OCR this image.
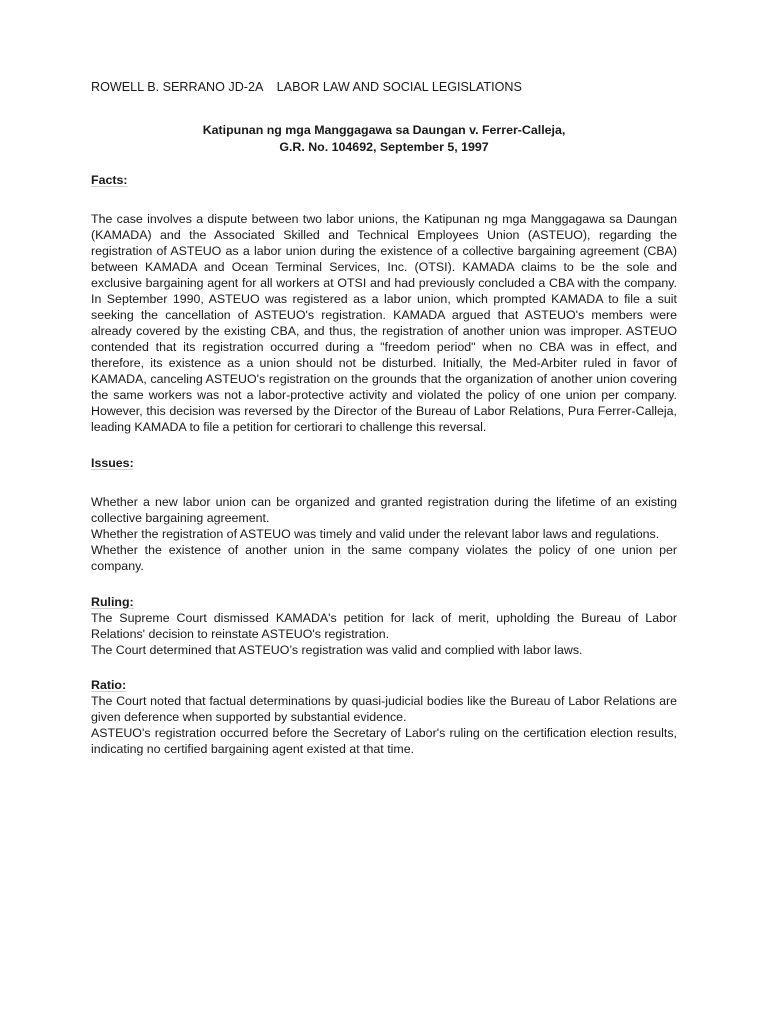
ROWELL B. SERRANO JD-2A    LABOR LAW AND SOCIAL LEGISLATIONS

Katipunan ng mga Manggagawa sa Daungan v. Ferrer-Calleja,
G.R. No. 104692, September 5, 1997

Facts:

The case involves a dispute between two labor unions, the Katipunan ng mga Manggagawa sa Daungan (KAMADA) and the Associated Skilled and Technical Employees Union (ASTEUO), regarding the registration of ASTEUO as a labor union during the existence of a collective bargaining agreement (CBA) between KAMADA and Ocean Terminal Services, Inc. (OTSI). KAMADA claims to be the sole and exclusive bargaining agent for all workers at OTSI and had previously concluded a CBA with the company. In September 1990, ASTEUO was registered as a labor union, which prompted KAMADA to file a suit seeking the cancellation of ASTEUO's registration. KAMADA argued that ASTEUO's members were already covered by the existing CBA, and thus, the registration of another union was improper. ASTEUO contended that its registration occurred during a "freedom period" when no CBA was in effect, and therefore, its existence as a union should not be disturbed. Initially, the Med-Arbiter ruled in favor of KAMADA, canceling ASTEUO's registration on the grounds that the organization of another union covering the same workers was not a labor-protective activity and violated the policy of one union per company. However, this decision was reversed by the Director of the Bureau of Labor Relations, Pura Ferrer-Calleja, leading KAMADA to file a petition for certiorari to challenge this reversal.

Issues:

Whether a new labor union can be organized and granted registration during the lifetime of an existing collective bargaining agreement.
Whether the registration of ASTEUO was timely and valid under the relevant labor laws and regulations.
Whether the existence of another union in the same company violates the policy of one union per company.

Ruling:

The Supreme Court dismissed KAMADA's petition for lack of merit, upholding the Bureau of Labor Relations' decision to reinstate ASTEUO's registration.

The Court determined that ASTEUO’s registration was valid and complied with labor laws.

Ratio:

The Court noted that factual determinations by quasi-judicial bodies like the Bureau of Labor Relations are given deference when supported by substantial evidence.

ASTEUO's registration occurred before the Secretary of Labor's ruling on the certification election results, indicating no certified bargaining agent existed at that time.
